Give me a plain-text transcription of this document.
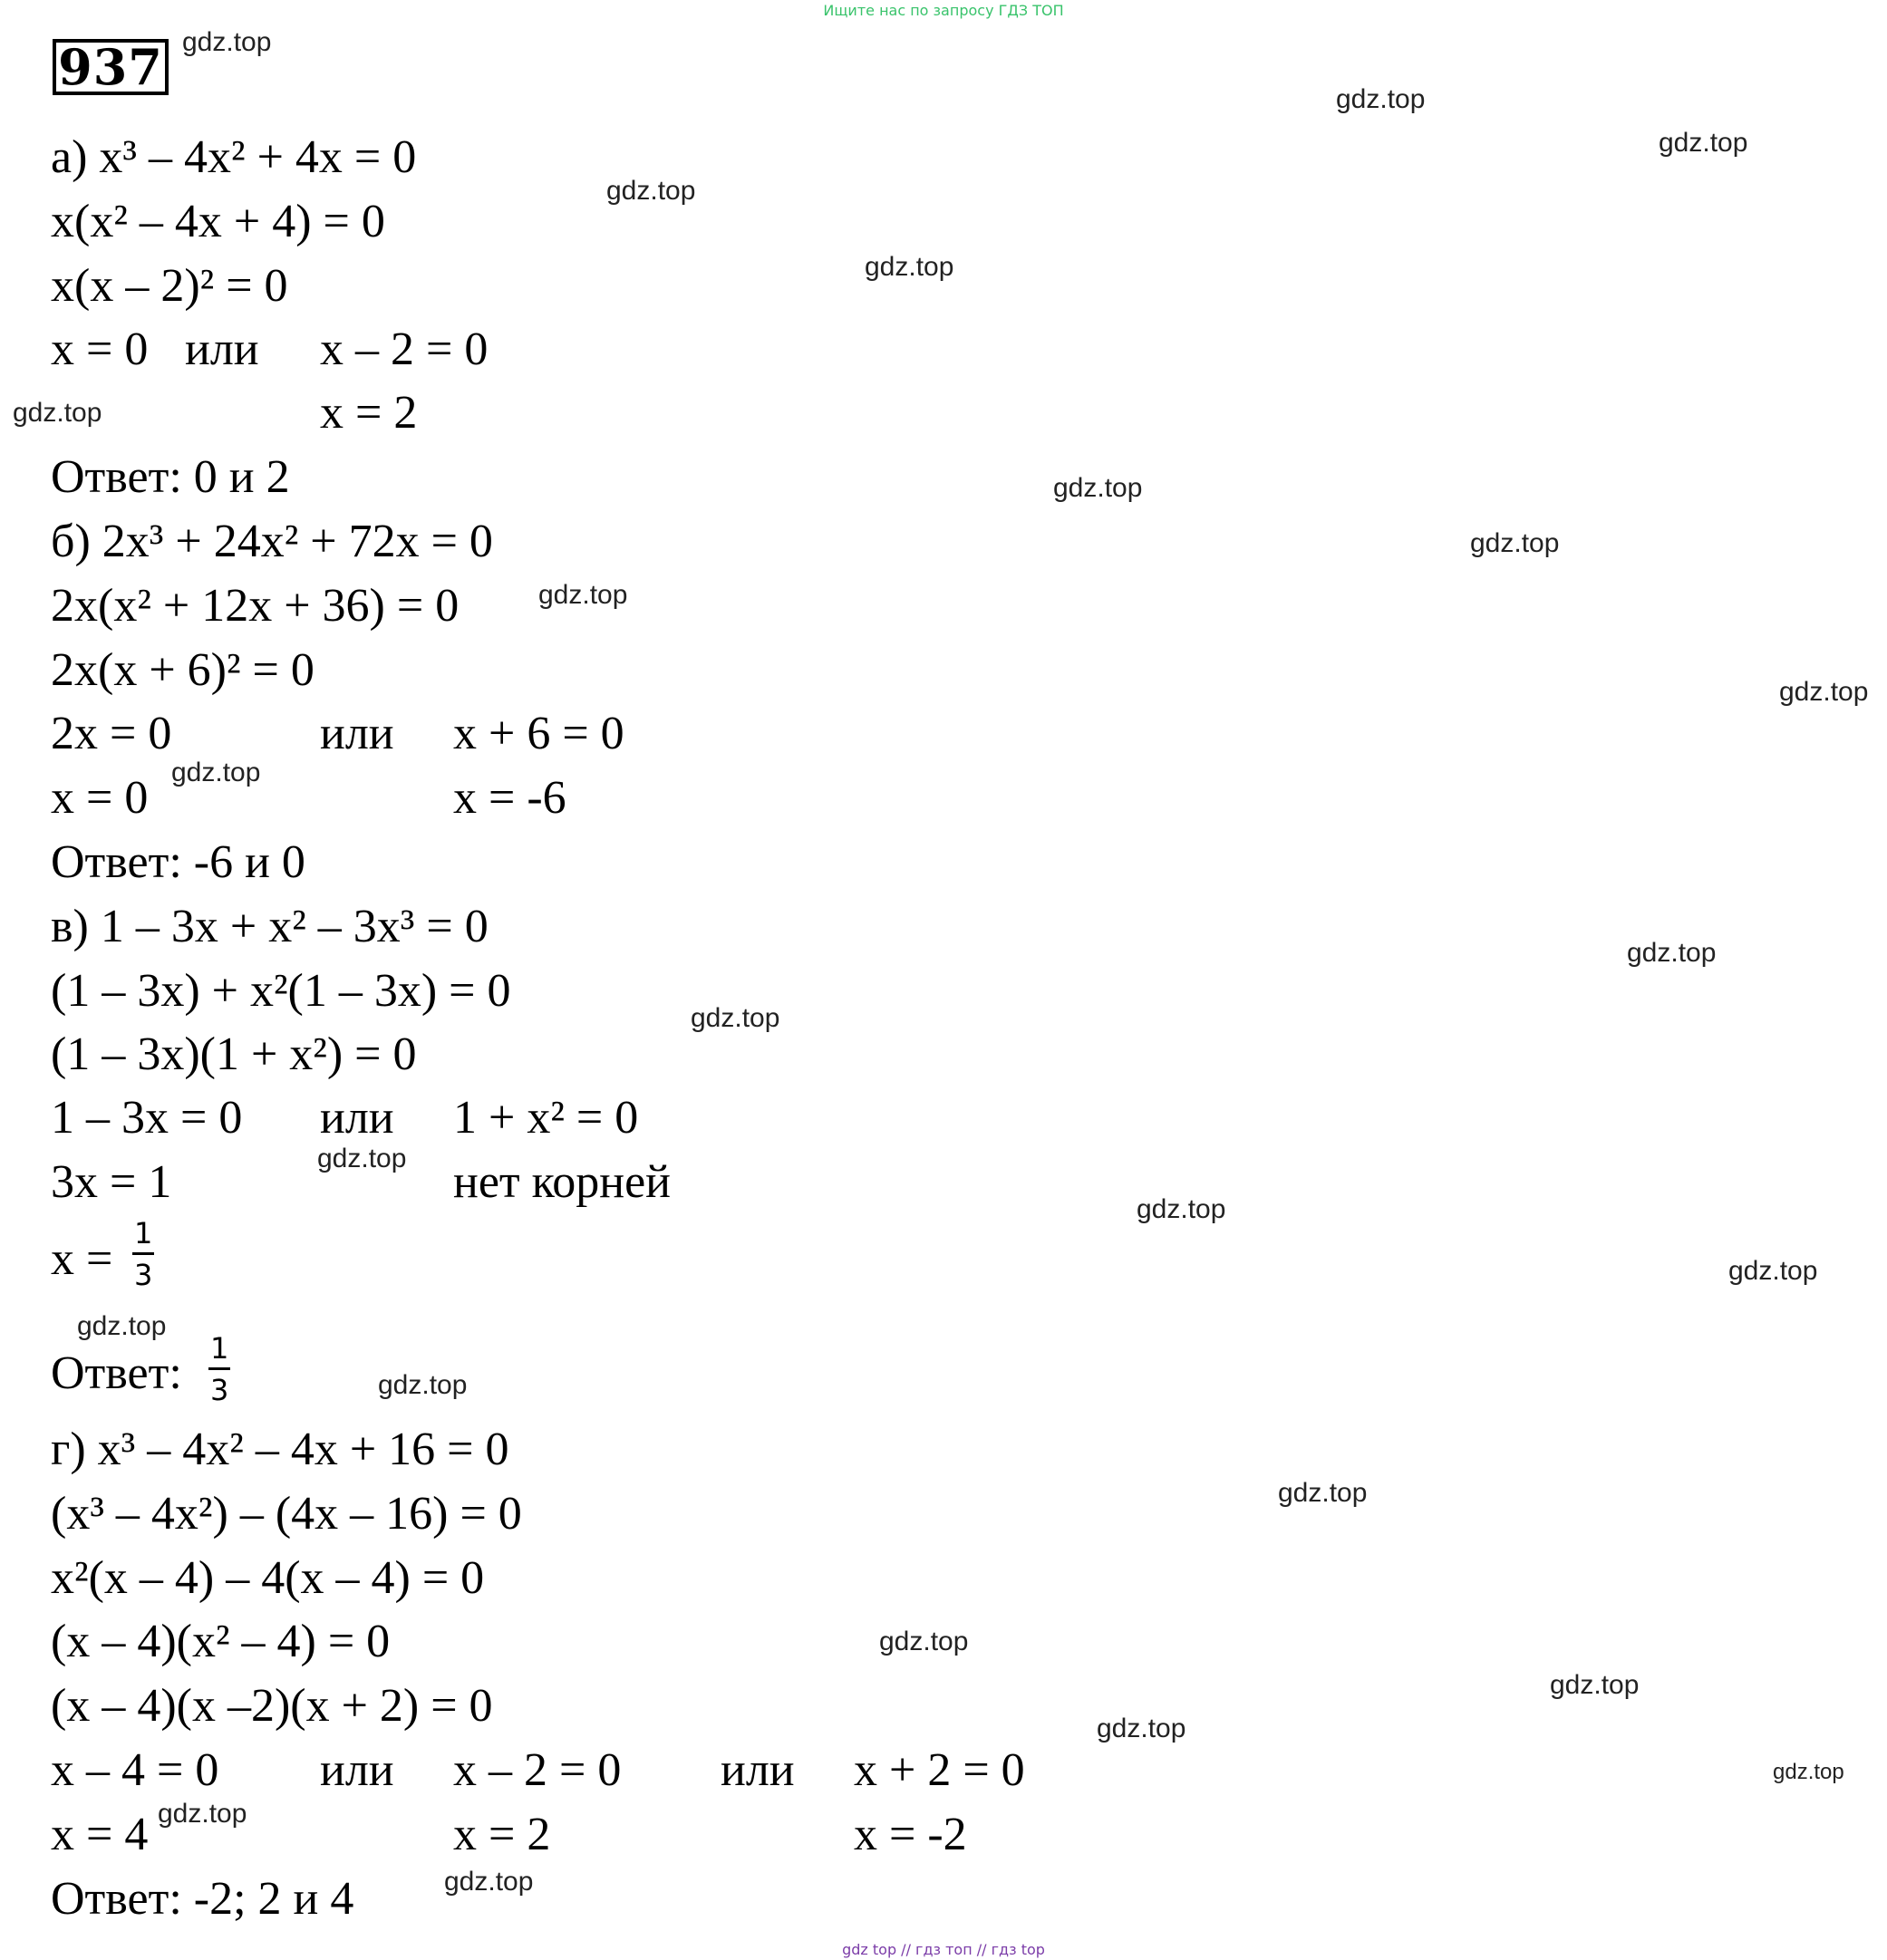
Ищите нас по запросу ГДЗ ТОП
937
а) x³ – 4x² + 4x = 0
x(x² – 4x + 4) = 0
x(x – 2)² = 0
x = 0 или x – 2 = 0
x = 2
Ответ: 0 и 2
б) 2x³ + 24x² + 72x = 0
2x(x² + 12x + 36) = 0
2x(x + 6)² = 0
2x = 0	или x + 6 = 0
x = 0	x = -6
Ответ: -6 и 0
в) 1 – 3x + x² – 3x³ = 0
(1 – 3x) + x²(1 – 3x) = 0
(1 – 3x)(1 + x²) = 0
1 – 3x = 0 или 1 + x² = 0
3x = 1	нет корней
$x = \frac{1}{3}$
Ответ: $\frac{1}{3}$
г) x³ – 4x² – 4x + 16 = 0
(x³ – 4x²) – (4x – 16) = 0
x²(x – 4) – 4(x – 4) = 0
(x – 4)(x² – 4) = 0
(x – 4)(x –2)(x + 2) = 0
x – 4 = 0 или x – 2 = 0 или x + 2 = 0
x = 4	x = 2	x = -2
Ответ: -2; 2 и 4
gdz.top
gdz.top
gdz.top
gdz.top
gdz.top
gdz.top
gdz.top
gdz.top
gdz.top
gdz.top
gdz.top
gdz.top
gdz.top
gdz.top
gdz.top
gdz.top
gdz.top
gdz.top
gdz.top
gdz.top
gdz.top
gdz.top
gdz.top
gdz.top
gdz.top
gdz top // гдз топ // гдз top
